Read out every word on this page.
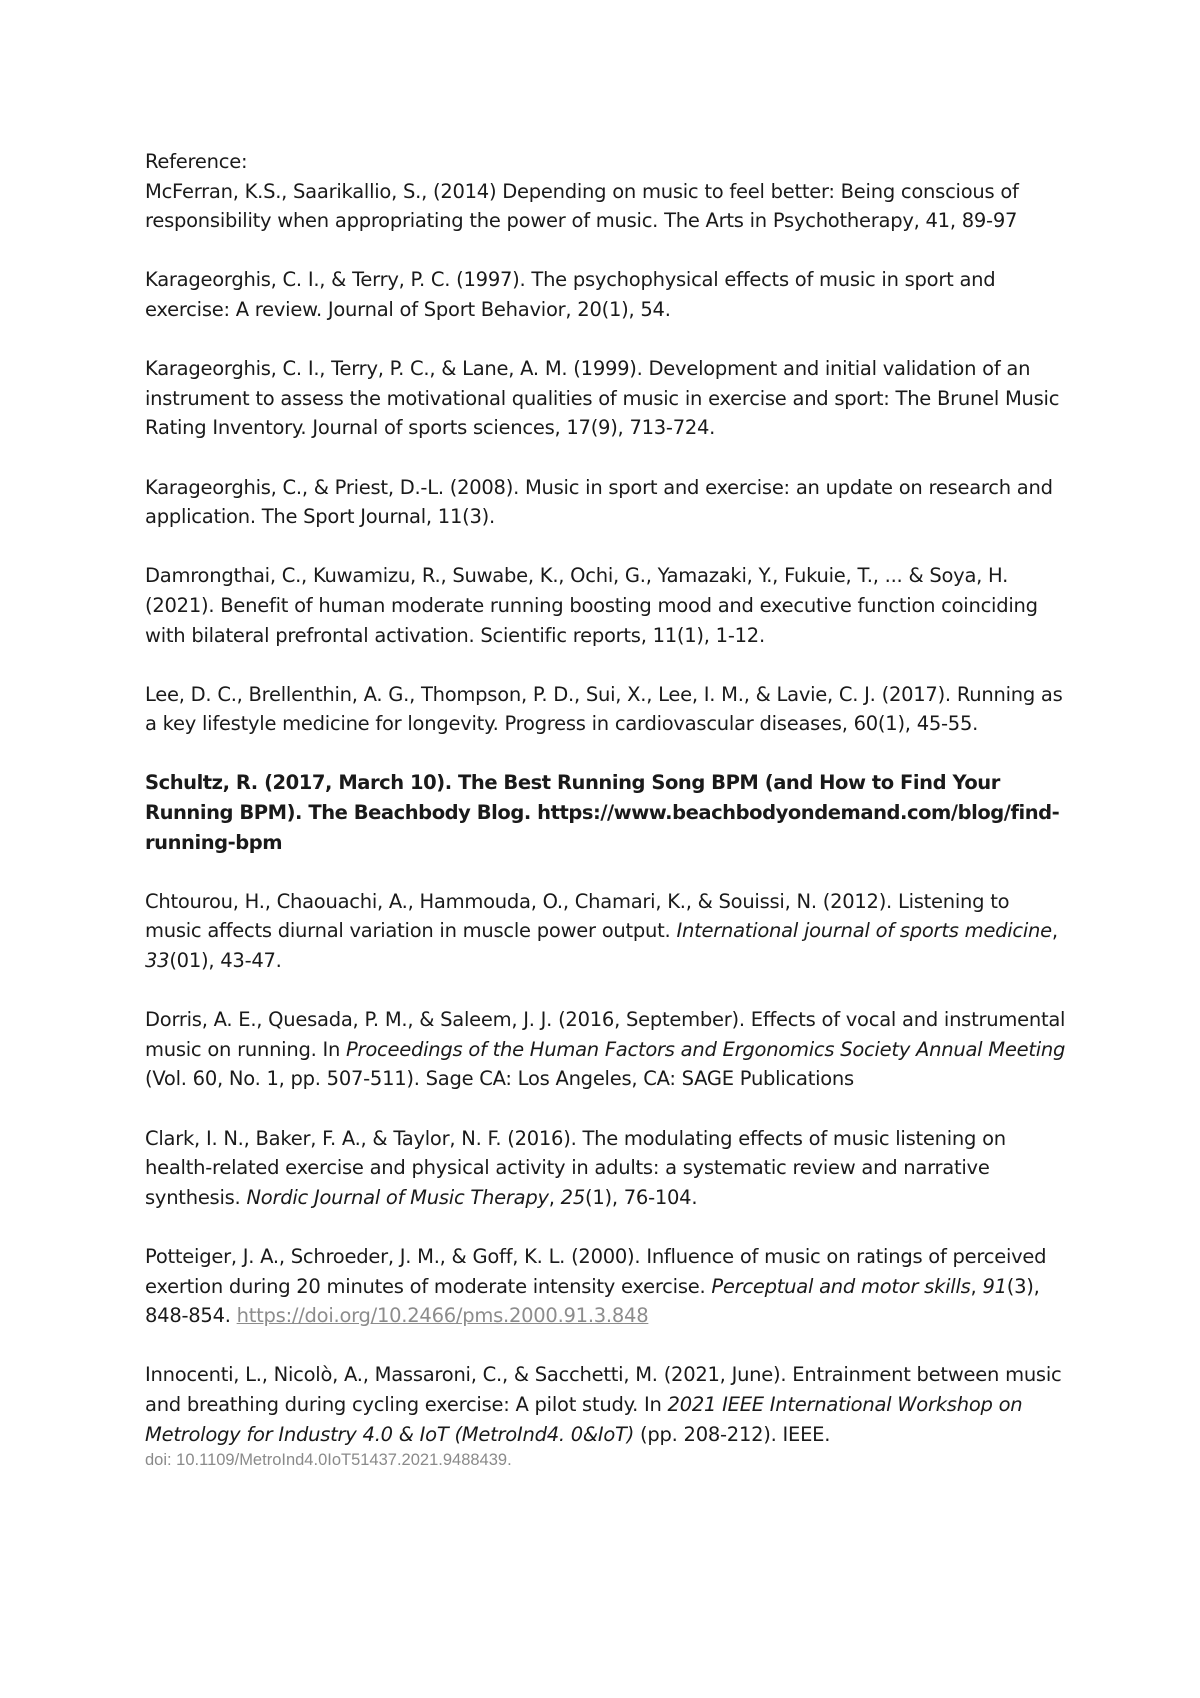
Reference:

McFerran, K.S., Saarikallio, S., (2014) Depending on music to feel better: Being conscious of responsibility when appropriating the power of music. The Arts in Psychotherapy, 41, 89-97

Karageorghis, C. I., & Terry, P. C. (1997). The psychophysical effects of music in sport and exercise: A review. Journal of Sport Behavior, 20(1), 54.

Karageorghis, C. I., Terry, P. C., & Lane, A. M. (1999). Development and initial validation of an instrument to assess the motivational qualities of music in exercise and sport: The Brunel Music Rating Inventory. Journal of sports sciences, 17(9), 713-724.

Karageorghis, C., & Priest, D.-L. (2008). Music in sport and exercise: an update on research and application. The Sport Journal, 11(3).

Damrongthai, C., Kuwamizu, R., Suwabe, K., Ochi, G., Yamazaki, Y., Fukuie, T., ... & Soya, H. (2021). Benefit of human moderate running boosting mood and executive function coinciding with bilateral prefrontal activation. Scientific reports, 11(1), 1-12.

Lee, D. C., Brellenthin, A. G., Thompson, P. D., Sui, X., Lee, I. M., & Lavie, C. J. (2017). Running as a key lifestyle medicine for longevity. Progress in cardiovascular diseases, 60(1), 45-55.

Schultz, R. (2017, March 10). The Best Running Song BPM (and How to Find Your Running BPM). The Beachbody Blog. https://www.beachbodyondemand.com/blog/find-running-bpm

Chtourou, H., Chaouachi, A., Hammouda, O., Chamari, K., & Souissi, N. (2012). Listening to music affects diurnal variation in muscle power output. International journal of sports medicine, 33(01), 43-47.

Dorris, A. E., Quesada, P. M., & Saleem, J. J. (2016, September). Effects of vocal and instrumental music on running. In Proceedings of the Human Factors and Ergonomics Society Annual Meeting (Vol. 60, No. 1, pp. 507-511). Sage CA: Los Angeles, CA: SAGE Publications

Clark, I. N., Baker, F. A., & Taylor, N. F. (2016). The modulating effects of music listening on health-related exercise and physical activity in adults: a systematic review and narrative synthesis. Nordic Journal of Music Therapy, 25(1), 76-104.

Potteiger, J. A., Schroeder, J. M., & Goff, K. L. (2000). Influence of music on ratings of perceived exertion during 20 minutes of moderate intensity exercise. Perceptual and motor skills, 91(3), 848-854. https://doi.org/10.2466/pms.2000.91.3.848

Innocenti, L., Nicolò, A., Massaroni, C., & Sacchetti, M. (2021, June). Entrainment between music and breathing during cycling exercise: A pilot study. In 2021 IEEE International Workshop on Metrology for Industry 4.0 & IoT (MetroInd4. 0&IoT) (pp. 208-212). IEEE.
doi: 10.1109/MetroInd4.0IoT51437.2021.9488439.
